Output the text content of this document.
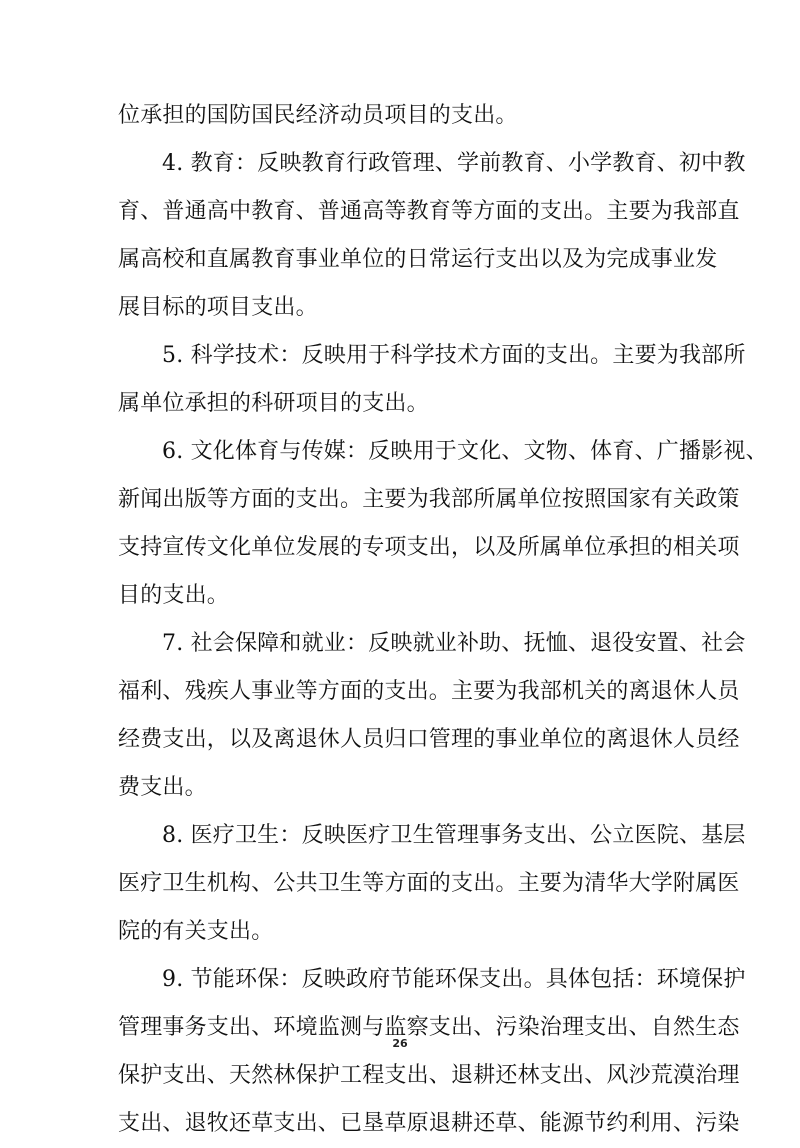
位承担的国防国民经济动员项目的支出。
4. 教育：反映教育行政管理、学前教育、小学教育、初中教
育、普通高中教育、普通高等教育等方面的支出。主要为我部直
属高校和直属教育事业单位的日常运行支出以及为完成事业发
展目标的项目支出。
5. 科学技术：反映用于科学技术方面的支出。主要为我部所
属单位承担的科研项目的支出。
6. 文化体育与传媒：反映用于文化、文物、体育、广播影视、
新闻出版等方面的支出。主要为我部所属单位按照国家有关政策
支持宣传文化单位发展的专项支出，以及所属单位承担的相关项
目的支出。
7. 社会保障和就业：反映就业补助、抚恤、退役安置、社会
福利、残疾人事业等方面的支出。主要为我部机关的离退休人员
经费支出，以及离退休人员归口管理的事业单位的离退休人员经
费支出。
8. 医疗卫生：反映医疗卫生管理事务支出、公立医院、基层
医疗卫生机构、公共卫生等方面的支出。主要为清华大学附属医
院的有关支出。
9. 节能环保：反映政府节能环保支出。具体包括：环境保护
管理事务支出、环境监测与监察支出、污染治理支出、自然生态
保护支出、天然林保护工程支出、退耕还林支出、风沙荒漠治理
支出、退牧还草支出、已垦草原退耕还草、能源节约利用、污染
26
